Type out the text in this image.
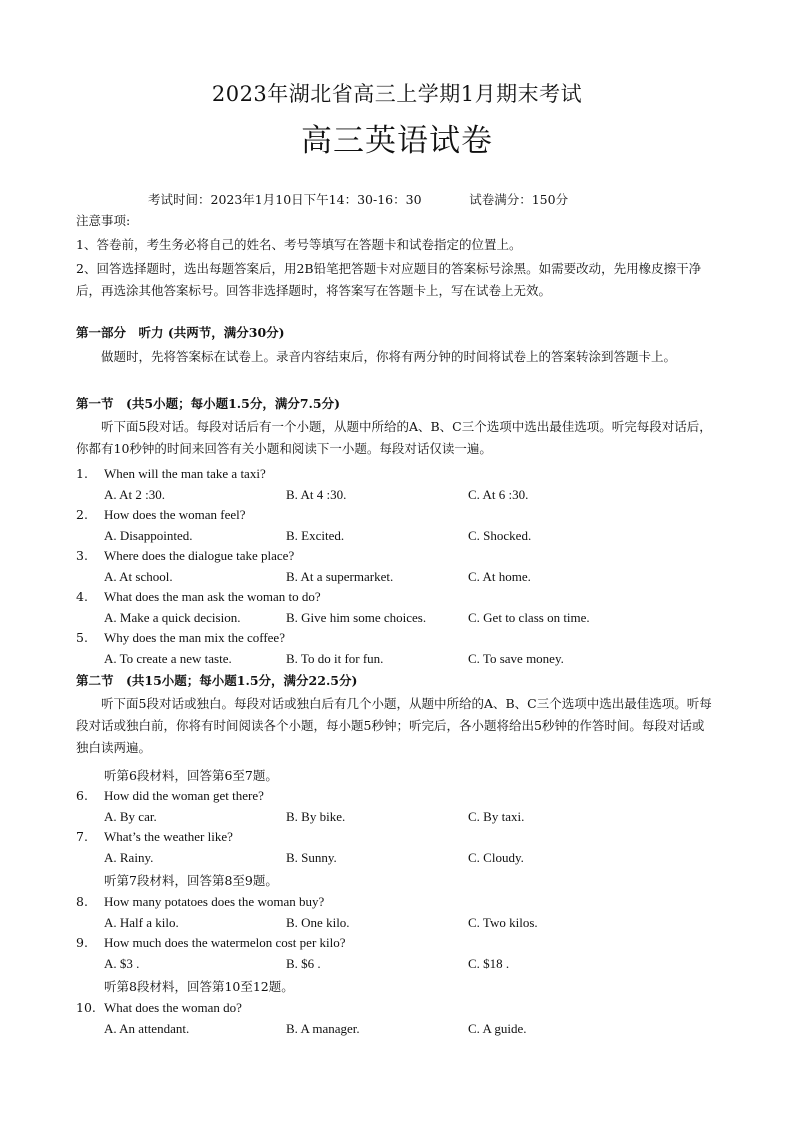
2023年湖北省高三上学期1月期末考试
高三英语试卷
考试时间：2023年1月10日下午14：30-16：30	试卷满分：150分
注意事项:
1、答卷前，考生务必将自己的姓名、考号等填写在答题卡和试卷指定的位置上。
2、回答选择题时，选出每题答案后，用2B铅笔把答题卡对应题目的答案标号涂黑。如需要改动，先用橡皮擦干净后，再选涂其他答案标号。回答非选择题时，将答案写在答题卡上，写在试卷上无效。
第一部分　听力 (共两节，满分30分)
做题时，先将答案标在试卷上。录音内容结束后，你将有两分钟的时间将试卷上的答案转涂到答题卡上。
第一节　(共5小题；每小题1.5分，满分7.5分)
听下面5段对话。每段对话后有一个小题，从题中所给的A、B、C三个选项中选出最佳选项。听完每段对话后，你都有10秒钟的时间来回答有关小题和阅读下一小题。每段对话仅读一遍。
1. When will the man take a taxi?
A. At 2 :30.	B. At 4 :30.	C. At 6 :30.
2. How does the woman feel?
A. Disappointed.	B. Excited.	C. Shocked.
3. Where does the dialogue take place?
A. At school.	B. At a supermarket.	C. At home.
4. What does the man ask the woman to do?
A. Make a quick decision.	B. Give him some choices.	C. Get to class on time.
5. Why does the man mix the coffee?
A. To create a new taste.	B. To do it for fun.	C. To save money.
第二节　(共15小题；每小题1.5分，满分22.5分)
听下面5段对话或独白。每段对话或独白后有几个小题，从题中所给的A、B、C三个选项中选出最佳选项。听每段对话或独白前，你将有时间阅读各个小题，每小题5秒钟；听完后，各小题将给出5秒钟的作答时间。每段对话或独白读两遍。
听第6段材料，回答第6至7题。
6. How did the woman get there?
A. By car.	B. By bike.	C. By taxi.
7. What’s the weather like?
A. Rainy.	B. Sunny.	C. Cloudy.
听第7段材料，回答第8至9题。
8. How many potatoes does the woman buy?
A. Half a kilo.	B. One kilo.	C. Two kilos.
9. How much does the watermelon cost per kilo?
A. $3 .	B. $6 .	C. $18 .
听第8段材料，回答第10至12题。
10. What does the woman do?
A. An attendant.	B. A manager.	C. A guide.
